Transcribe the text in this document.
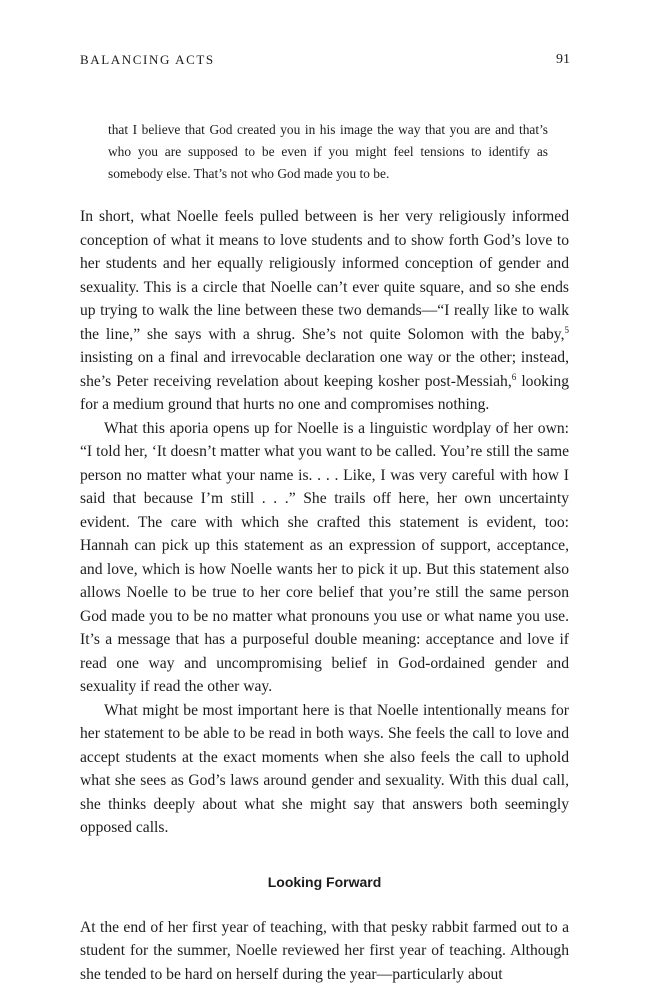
BALANCING ACTS	91
that I believe that God created you in his image the way that you are and that’s who you are supposed to be even if you might feel tensions to identify as somebody else. That’s not who God made you to be.

In short, what Noelle feels pulled between is her very religiously informed conception of what it means to love students and to show forth God’s love to her students and her equally religiously informed conception of gender and sexuality. This is a circle that Noelle can’t ever quite square, and so she ends up trying to walk the line between these two demands—“I really like to walk the line,” she says with a shrug. She’s not quite Solomon with the baby,$^5$ insisting on a final and irrevocable declaration one way or the other; instead, she’s Peter receiving revelation about keeping kosher post-Messiah,$^6$ looking for a medium ground that hurts no one and compromises nothing.

What this aporia opens up for Noelle is a linguistic wordplay of her own: “I told her, ‘It doesn’t matter what you want to be called. You’re still the same person no matter what your name is. . . . Like, I was very careful with how I said that because I’m still . . .” She trails off here, her own uncertainty evident. The care with which she crafted this statement is evident, too: Hannah can pick up this statement as an expression of support, acceptance, and love, which is how Noelle wants her to pick it up. But this statement also allows Noelle to be true to her core belief that you’re still the same person God made you to be no matter what pronouns you use or what name you use. It’s a message that has a purposeful double meaning: acceptance and love if read one way and uncompromising belief in God-ordained gender and sexuality if read the other way.

What might be most important here is that Noelle intentionally means for her statement to be able to be read in both ways. She feels the call to love and accept students at the exact moments when she also feels the call to uphold what she sees as God’s laws around gender and sexuality. With this dual call, she thinks deeply about what she might say that answers both seemingly opposed calls.

Looking Forward

At the end of her first year of teaching, with that pesky rabbit farmed out to a student for the summer, Noelle reviewed her first year of teaching. Although she tended to be hard on herself during the year—particularly about
